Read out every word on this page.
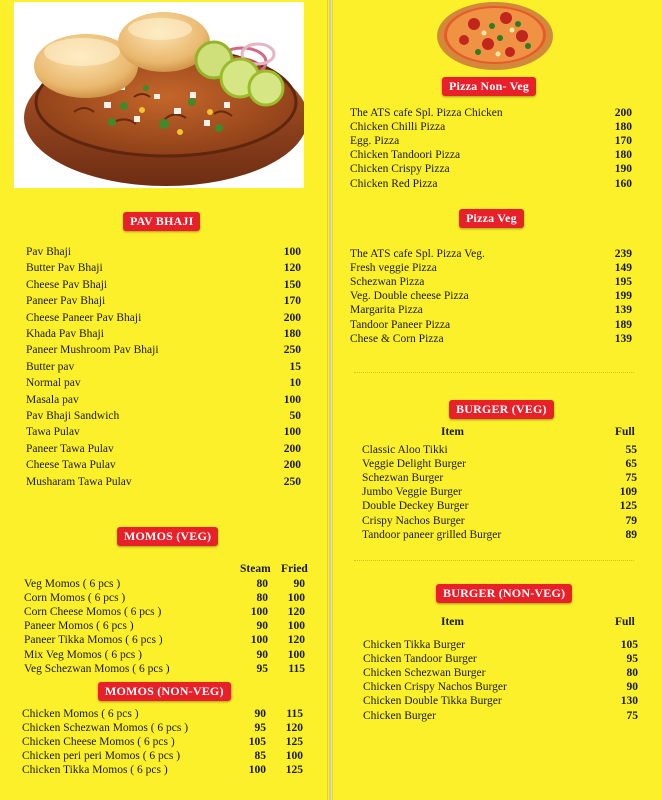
PAV BHAJI
Pav Bhaji	100
Butter Pav Bhaji	120
Cheese Pav Bhaji	150
Paneer Pav Bhaji	170
Cheese Paneer Pav Bhaji	200
Khada Pav Bhaji	180
Paneer Mushroom Pav Bhaji	250
Butter pav	15
Normal pav	10
Masala pav	100
Pav Bhaji Sandwich	50
Tawa Pulav	100
Paneer Tawa Pulav	200
Cheese Tawa Pulav	200
Musharam Tawa Pulav	250
MOMOS (VEG)
Steam Fried
Veg Momos ( 6 pcs )	80	90
Corn Momos ( 6 pcs )	80	100
Corn Cheese Momos ( 6 pcs )	100	120
Paneer Momos ( 6 pcs )	90	100
Paneer Tikka Momos ( 6 pcs )	100	120
Mix Veg Momos ( 6 pcs )	90	100
Veg Schezwan Momos ( 6 pcs )	95	115
MOMOS (NON-VEG)
Chicken Momos ( 6 pcs )	90	115
Chicken Schezwan Momos ( 6 pcs )	95	120
Chicken Cheese Momos ( 6 pcs )	105	125
Chicken peri peri Momos ( 6 pcs )	85	100
Chicken Tikka Momos ( 6 pcs )	100	125
Pizza Non- Veg
The ATS cafe Spl. Pizza Chicken	200
Chicken Chilli Pizza	180
Egg. Pizza	170
Chicken Tandoori Pizza	180
Chicken Crispy Pizza	190
Chicken Red Pizza	160
Pizza Veg
The ATS cafe Spl. Pizza Veg.	239
Fresh veggie Pizza	149
Schezwan Pizza	195
Veg. Double cheese Pizza	199
Margarita Pizza	139
Tandoor Paneer Pizza	189
Chese & Corn Pizza	139
BURGER (VEG)
Item	Full
Classic Aloo Tikki	55
Veggie Delight Burger	65
Schezwan Burger	75
Jumbo Veggie Burger	109
Double Deckey Burger	125
Crispy Nachos Burger	79
Tandoor paneer grilled Burger	89
BURGER (NON-VEG)
Item	Full
Chicken Tikka Burger	105
Chicken Tandoor Burger	95
Chicken Schezwan Burger	80
Chicken Crispy Nachos Burger	90
Chicken Double Tikka Burger	130
Chicken Burger	75
